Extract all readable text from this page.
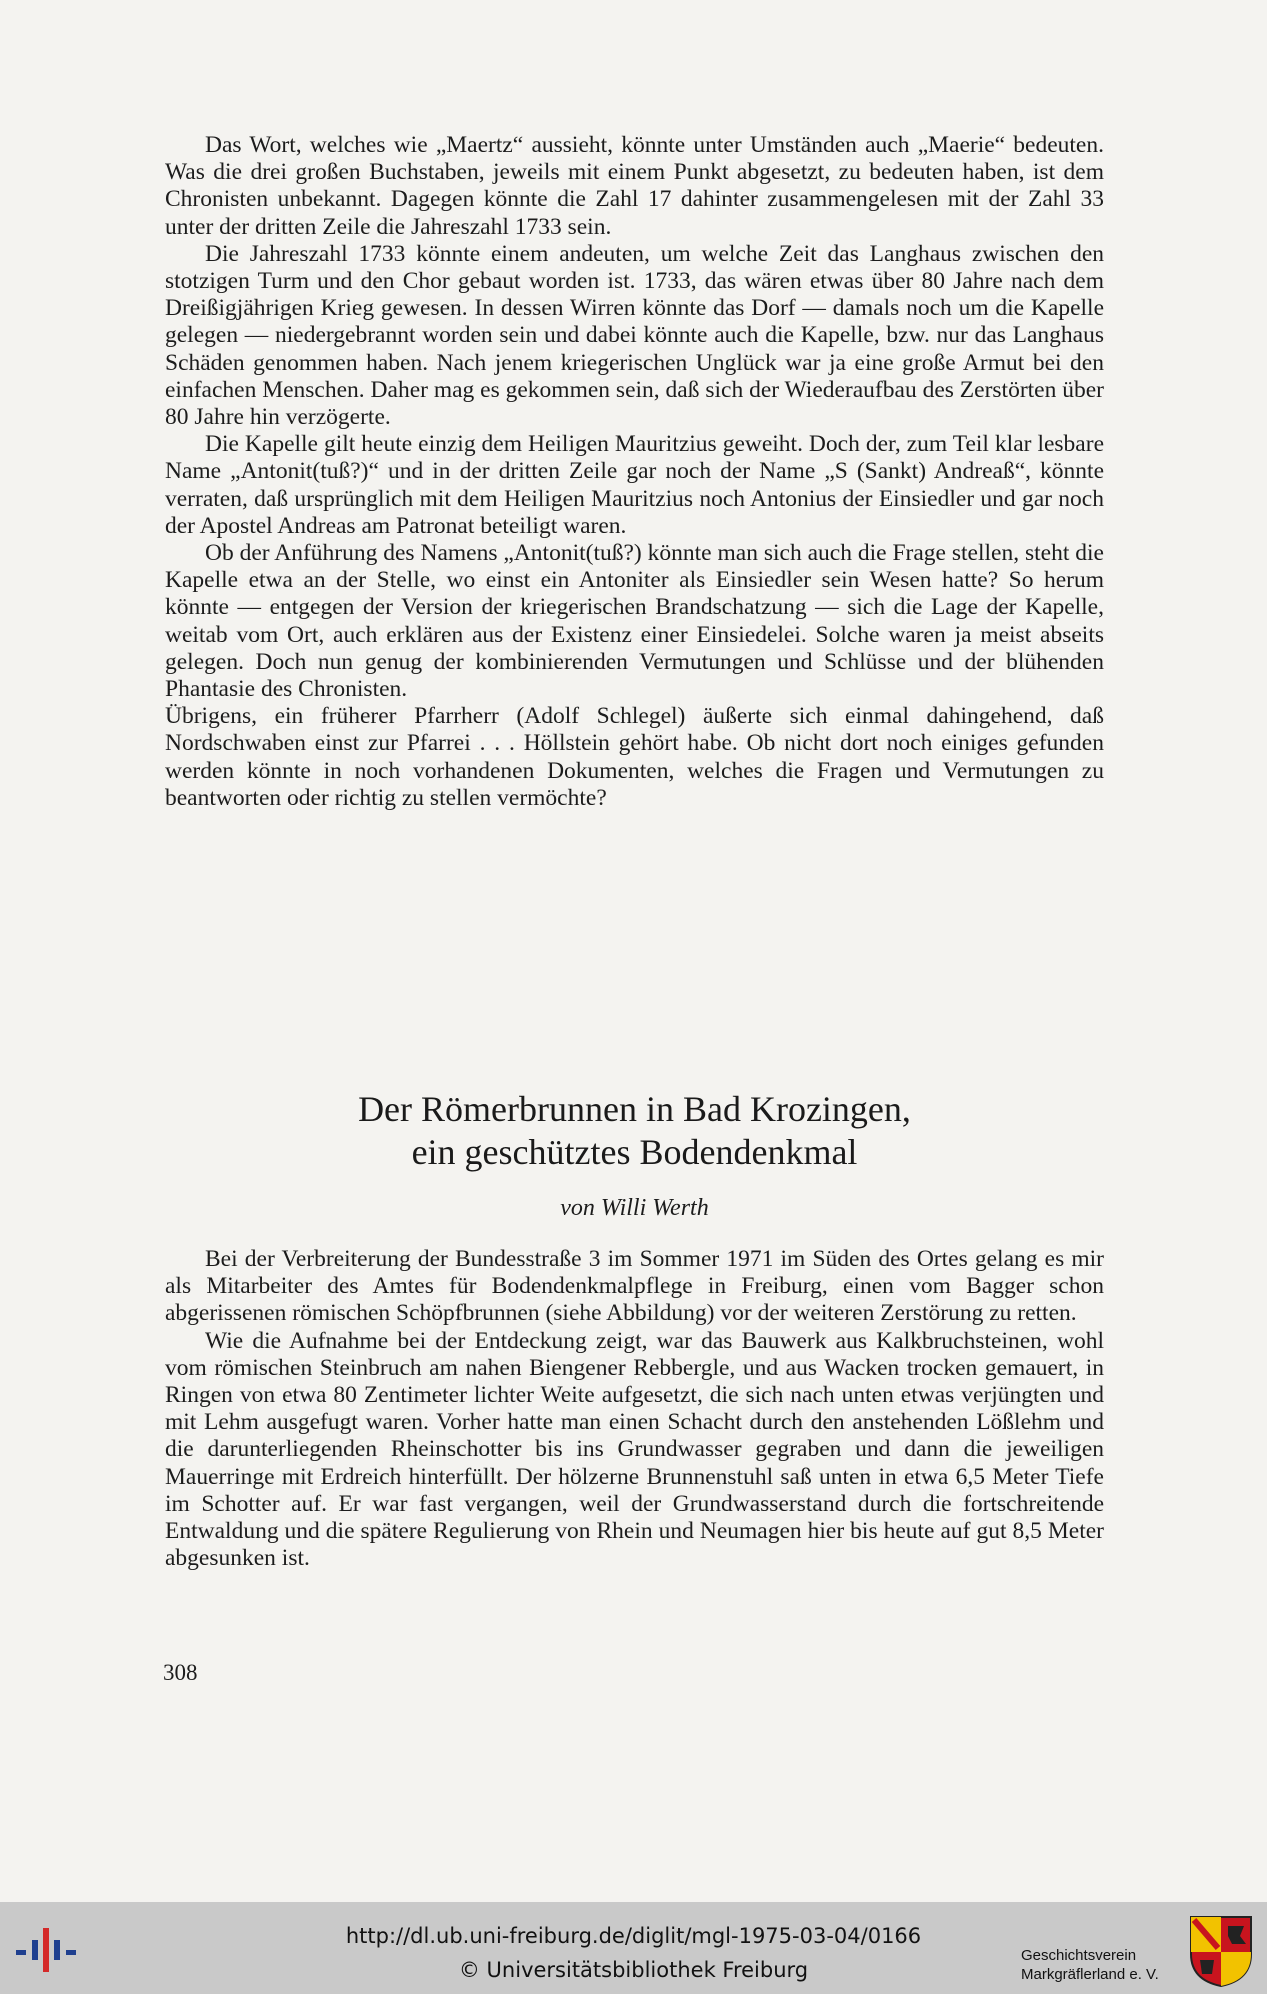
Das Wort, welches wie „Maertz“ aussieht, könnte unter Umständen auch „Maerie“ bedeuten. Was die drei großen Buchstaben, jeweils mit einem Punkt abgesetzt, zu bedeuten haben, ist dem Chronisten unbekannt. Dagegen könnte die Zahl 17 dahinter zusammengelesen mit der Zahl 33 unter der dritten Zeile die Jahreszahl 1733 sein.

Die Jahreszahl 1733 könnte einem andeuten, um welche Zeit das Langhaus zwischen den stotzigen Turm und den Chor gebaut worden ist. 1733, das wären etwas über 80 Jahre nach dem Dreißigjährigen Krieg gewesen. In dessen Wirren könnte das Dorf — damals noch um die Kapelle gelegen — niedergebrannt worden sein und dabei könnte auch die Kapelle, bzw. nur das Langhaus Schäden genommen haben. Nach jenem kriegerischen Unglück war ja eine große Armut bei den einfachen Menschen. Daher mag es gekommen sein, daß sich der Wiederaufbau des Zerstörten über 80 Jahre hin verzögerte.

Die Kapelle gilt heute einzig dem Heiligen Mauritzius geweiht. Doch der, zum Teil klar lesbare Name „Antonit(tuß?)“ und in der dritten Zeile gar noch der Name „S (Sankt) Andreaß“, könnte verraten, daß ursprünglich mit dem Heiligen Mauritzius noch Antonius der Einsiedler und gar noch der Apostel Andreas am Patronat beteiligt waren.

Ob der Anführung des Namens „Antonit(tuß?) könnte man sich auch die Frage stellen, steht die Kapelle etwa an der Stelle, wo einst ein Antoniter als Einsiedler sein Wesen hatte? So herum könnte — entgegen der Version der kriegerischen Brandschatzung — sich die Lage der Kapelle, weitab vom Ort, auch erklären aus der Existenz einer Einsiedelei. Solche waren ja meist abseits gelegen. Doch nun genug der kombinierenden Vermutungen und Schlüsse und der blühenden Phantasie des Chronisten.

Übrigens, ein früherer Pfarrherr (Adolf Schlegel) äußerte sich einmal dahingehend, daß Nordschwaben einst zur Pfarrei . . . Höllstein gehört habe. Ob nicht dort noch einiges gefunden werden könnte in noch vorhandenen Dokumenten, welches die Fragen und Vermutungen zu beantworten oder richtig zu stellen vermöchte?

Der Römerbrunnen in Bad Krozingen,
ein geschütztes Bodendenkmal
von Willi Werth

Bei der Verbreiterung der Bundesstraße 3 im Sommer 1971 im Süden des Ortes gelang es mir als Mitarbeiter des Amtes für Bodendenkmalpflege in Freiburg, einen vom Bagger schon abgerissenen römischen Schöpfbrunnen (siehe Abbildung) vor der weiteren Zerstörung zu retten.

Wie die Aufnahme bei der Entdeckung zeigt, war das Bauwerk aus Kalkbruchsteinen, wohl vom römischen Steinbruch am nahen Biengener Rebbergle, und aus Wacken trocken gemauert, in Ringen von etwa 80 Zentimeter lichter Weite aufgesetzt, die sich nach unten etwas verjüngten und mit Lehm ausgefugt waren. Vorher hatte man einen Schacht durch den anstehenden Lößlehm und die darunterliegenden Rheinschotter bis ins Grundwasser gegraben und dann die jeweiligen Mauerringe mit Erdreich hinterfüllt. Der hölzerne Brunnenstuhl saß unten in etwa 6,5 Meter Tiefe im Schotter auf. Er war fast vergangen, weil der Grundwasserstand durch die fortschreitende Entwaldung und die spätere Regulierung von Rhein und Neumagen hier bis heute auf gut 8,5 Meter abgesunken ist.

308
http://dl.ub.uni-freiburg.de/diglit/mgl-1975-03-04/0166
© Universitätsbibliothek Freiburg
Geschichtsverein
Markgräflerland e. V.
